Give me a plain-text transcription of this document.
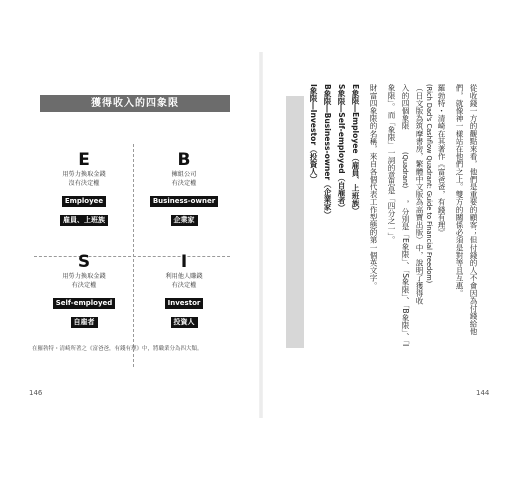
獲得收入的四象限
E
用勞力換取金錢
沒有決定權
Employee
雇員、上班族
B
擁組公司
有決定權
Business-owner
企業家
S
用勞力換取金錢
有決定權
Self-employed
自雇者
I
利用他人賺錢
有決定權
Investor
投資人
在羅勃特・清崎所著之《富爸爸，有錢有理》中，將職業分為四大類。
146
從收錢一方的觀點來看，他們是重要的顧客；但付錢的人不會因為付錢給他
們，就像神一樣站在他們之上。雙方的關係必須是對等且互惠。
羅勃特・清崎在其著作《富爸爸，有錢有理》
(Rich Dad's Cashflow Quadrant: Guide to Financial Freedom)
（日文版為筑摩書房，繁體中文版為高寶出版）中，說明了獲得收
入的四個象限
(Quadrant)
，分別是「E象限」、「S象限」、「B象限」、「I
象限」。而「象限」一詞的意思是「四分之一」。
財富四象限的名稱，來自各個代表工作型態的第一個英文字。
E象限―Employee（雇員、上班族）
S象限―Self-employed（自雇者）
B象限―Business-owner（企業家）
I象限―Investor（投資人）
144
